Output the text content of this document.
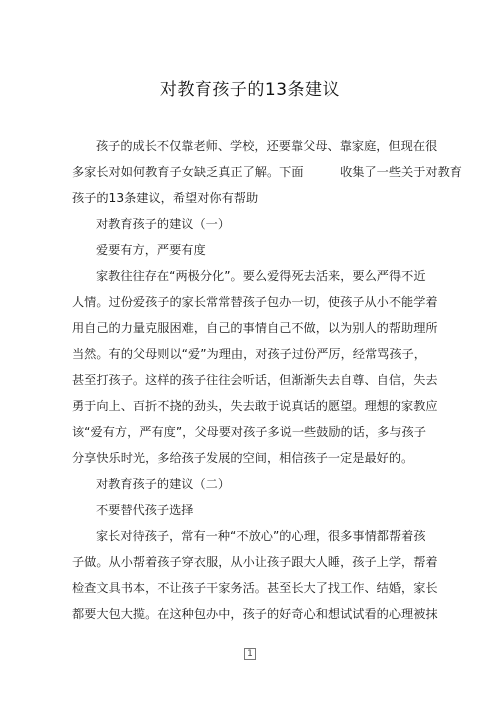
对教育孩子的13条建议
孩子的成长不仅靠老师、学校，还要靠父母、靠家庭，但现在很
多家长对如何教育子女缺乏真正了解。下面　　　收集了一些关于对教育
孩子的13条建议，希望对你有帮助
对教育孩子的建议（一）
爱要有方，严要有度
家教往往存在“两极分化”。要么爱得死去活来，要么严得不近
人情。过份爱孩子的家长常常替孩子包办一切，使孩子从小不能学着
用自己的力量克服困难，自己的事情自己不做，以为别人的帮助理所
当然。有的父母则以“爱”为理由，对孩子过份严厉，经常骂孩子，
甚至打孩子。这样的孩子往往会听话，但渐渐失去自尊、自信，失去
勇于向上、百折不挠的劲头，失去敢于说真话的愿望。理想的家教应
该“爱有方，严有度”，父母要对孩子多说一些鼓励的话，多与孩子
分享快乐时光，多给孩子发展的空间，相信孩子一定是最好的。
对教育孩子的建议（二）
不要替代孩子选择
家长对待孩子，常有一种“不放心”的心理，很多事情都帮着孩
子做。从小帮着孩子穿衣服，从小让孩子跟大人睡，孩子上学，帮着
检查文具书本，不让孩子干家务活。甚至长大了找工作、结婚，家长
都要大包大揽。在这种包办中，孩子的好奇心和想试试看的心理被抹
1
